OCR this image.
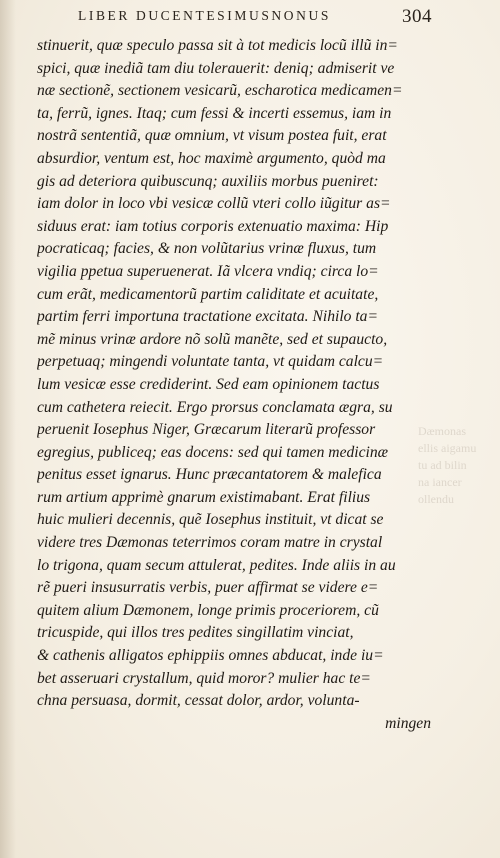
LIBER DUCENTESIMUSNONUS	304
Dæmonas
ellis aigamu
tu ad bilin
na iancer
ollendu
stinuerit, quæ speculo passa sit à tot medicis locũ illũ in=
spici, quæ inediã tam diu tolerauerit: deniq; admiserit ve
næ sectionẽ, sectionem vesicarũ, escharotica medicamen=
ta, ferrũ, ignes. Itaq; cum fessi & incerti essemus, iam in
nostrã sententiã, quæ omnium, vt visum postea fuit, erat
absurdior, ventum est, hoc maximè argumento, quòd ma
gis ad deteriora quibuscunq; auxiliis morbus pueniret:
iam dolor in loco vbi vesicæ collũ vteri collo iũgitur as=
siduus erat: iam totius corporis extenuatio maxima: Hip
pocraticaq; facies, & non volũtarius vrinæ fluxus, tum
vigilia ppetua superuenerat. Iã vlcera vndiq; circa lo=
cum erãt, medicamentorũ partim caliditate et acuitate,
partim ferri importuna tractatione excitata. Nihilo ta=
mẽ minus vrinæ ardore nõ solũ manẽte, sed et supaucto,
perpetuaq; mingendi voluntate tanta, vt quidam calcu=
lum vesicæ esse crediderint. Sed eam opinionem tactus
cum cathetera reiecit. Ergo prorsus conclamata ægra, su
peruenit Iosephus Niger, Græcarum literarũ professor
egregius, publiceq; eas docens: sed qui tamen medicinæ
penitus esset ignarus. Hunc præcantatorem & malefica
rum artium apprimè gnarum existimabant. Erat filius
huic mulieri decennis, quẽ Iosephus instituit, vt dicat se
videre tres Dæmonas teterrimos coram matre in crystal
lo trigona, quam secum attulerat, pedites. Inde aliis in au
rẽ pueri insusurratis verbis, puer affirmat se videre e=
quitem alium Dæmonem, longe primis proceriorem, cũ
tricuspide, qui illos tres pedites singillatim vinciat,
& cathenis alligatos ephippiis omnes abducat, inde iu=
bet asseruari crystallum, quid moror? mulier hac te=
chna persuasa, dormit, cessat dolor, ardor, volunta-
mingen
